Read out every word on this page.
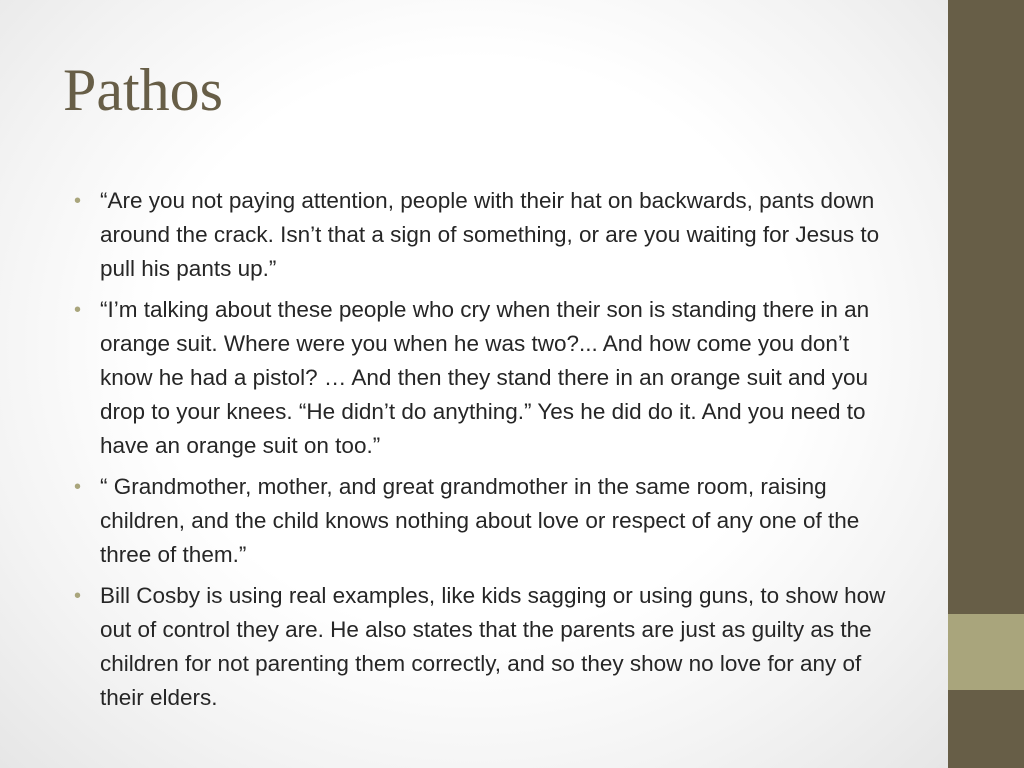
Pathos
• “Are you not paying attention, people with their hat on backwards, pants down around the crack. Isn’t that a sign of something, or are you waiting for Jesus to pull his pants up.”
• “I’m talking about these people who cry when their son is standing there in an orange suit. Where were you when he was two?... And how come you don’t know he had a pistol? … And then they stand there in an orange suit and you drop to your knees. “He didn’t do anything.” Yes he did do it. And you need to have an orange suit on too.”
• “ Grandmother, mother, and great grandmother in the same room, raising children, and the child knows nothing about love or respect of any one of the three of them.”
• Bill Cosby is using real examples, like kids sagging or using guns, to show how out of control they are. He also states that the parents are just as guilty as the children for not parenting them correctly, and so they show no love for any of their elders.
